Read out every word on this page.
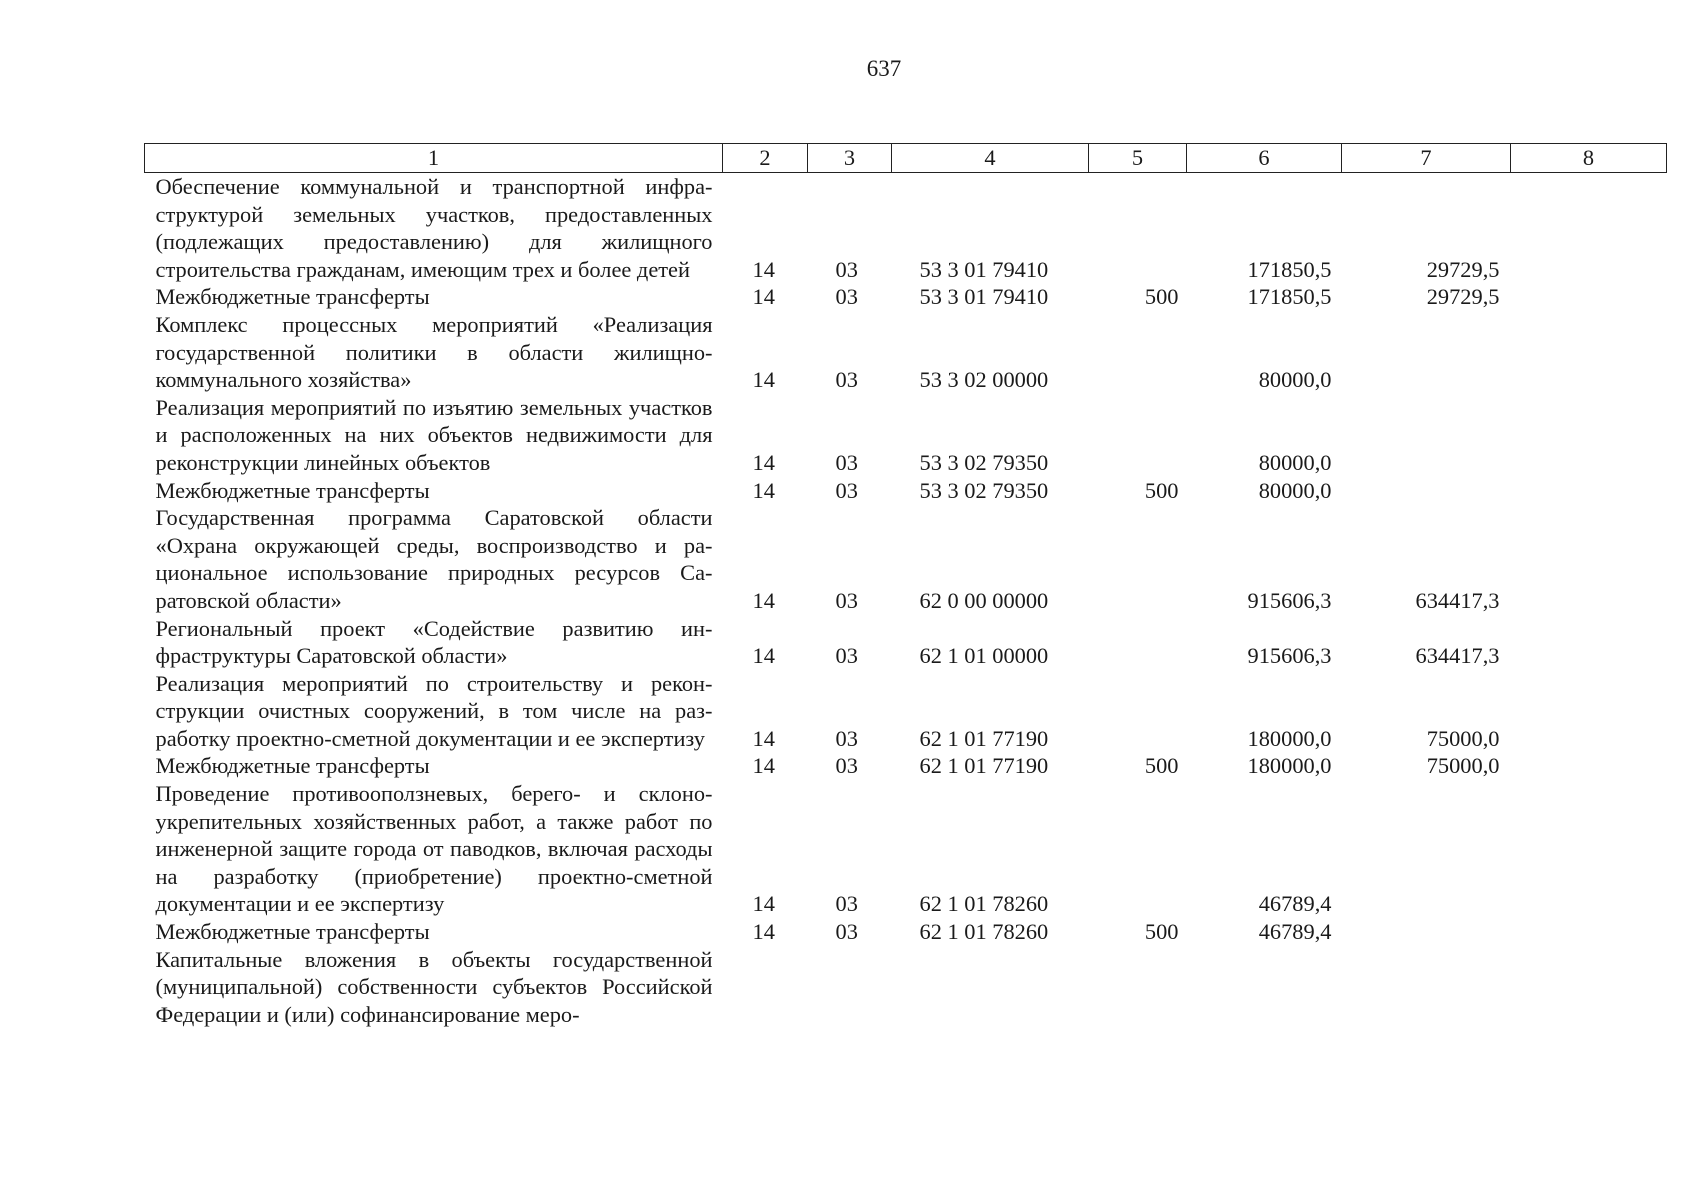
637
1	2	3	4	5	6	7	8
Обеспечение коммунальной и транспортной инфраструктурой земельных участков, предоставленных (подлежащих предоставлению) для жилищного строительства гражданам, имеющим трех и более детей	14	03	53 3 01 79410		171850,5	29729,5	
Межбюджетные трансферты	14	03	53 3 01 79410	500	171850,5	29729,5	
Комплекс процессных мероприятий «Реализация государственной политики в области жилищно-коммунального хозяйства»	14	03	53 3 02 00000		80000,0		
Реализация мероприятий по изъятию земельных участков и расположенных на них объектов недвижимости для реконструкции линейных объектов	14	03	53 3 02 79350		80000,0		
Межбюджетные трансферты	14	03	53 3 02 79350	500	80000,0		
Государственная программа Саратовской области «Охрана окружающей среды, воспроизводство и рациональное использование природных ресурсов Саратовской области»	14	03	62 0 00 00000		915606,3	634417,3	
Региональный проект «Содействие развитию инфраструктуры Саратовской области»	14	03	62 1 01 00000		915606,3	634417,3	
Реализация мероприятий по строительству и реконструкции очистных сооружений, в том числе на разработку проектно-сметной документации и ее экспертизу	14	03	62 1 01 77190		180000,0	75000,0	
Межбюджетные трансферты	14	03	62 1 01 77190	500	180000,0	75000,0	
Проведение противооползневых, берего- и склоноукрепительных хозяйственных работ, а также работ по инженерной защите города от паводков, включая расходы на разработку (приобретение) проектно-сметной документации и ее экспертизу	14	03	62 1 01 78260		46789,4		
Межбюджетные трансферты	14	03	62 1 01 78260	500	46789,4		
Капитальные вложения в объекты государственной (муниципальной) собственности субъектов Российской Федерации и (или) софинансирование меро-							
